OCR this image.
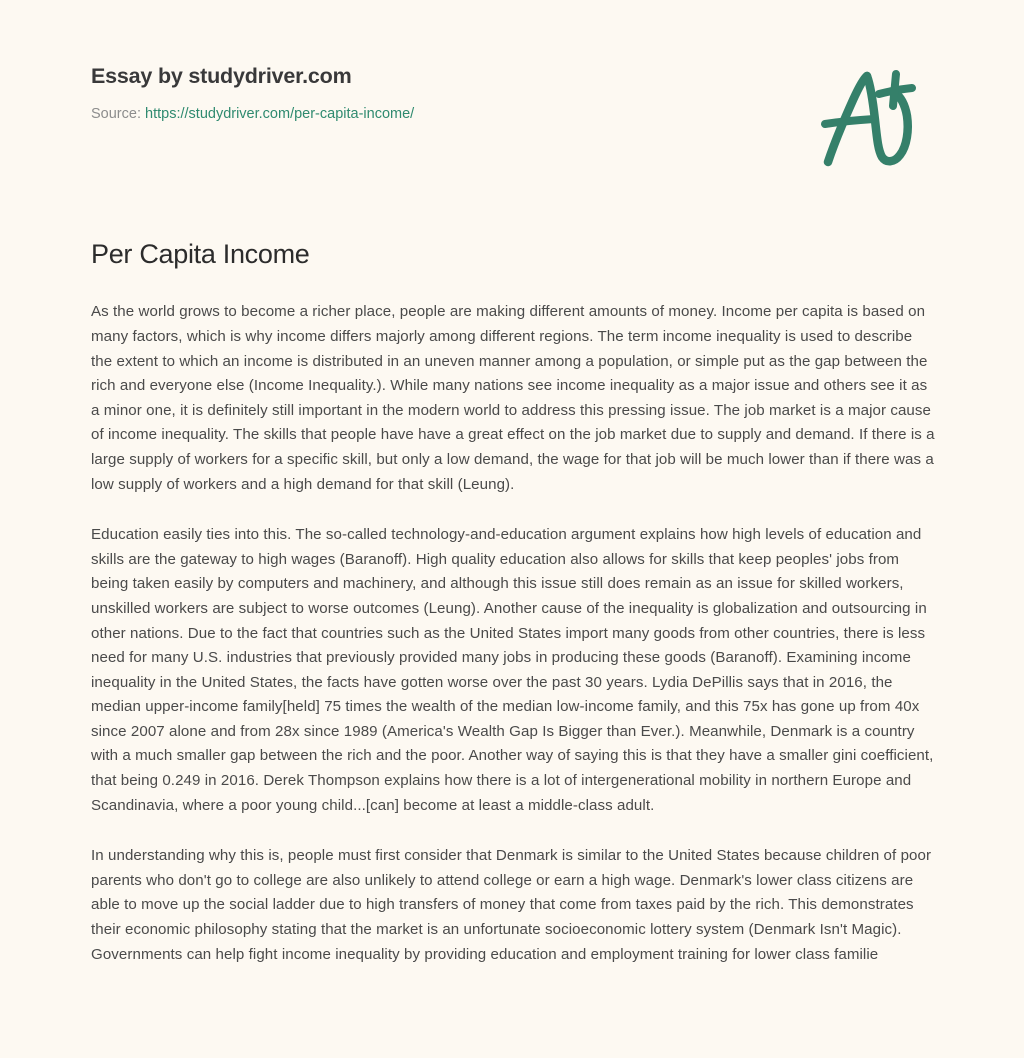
Essay by studydriver.com
Source: https://studydriver.com/per-capita-income/
Per Capita Income

As the world grows to become a richer place, people are making different amounts of money. Income per capita is based on many factors, which is why income differs majorly among different regions. The term income inequality is used to describe the extent to which an income is distributed in an uneven manner among a population, or simple put as the gap between the rich and everyone else (Income Inequality.). While many nations see income inequality as a major issue and others see it as a minor one, it is definitely still important in the modern world to address this pressing issue. The job market is a major cause of income inequality. The skills that people have have a great effect on the job market due to supply and demand. If there is a large supply of workers for a specific skill, but only a low demand, the wage for that job will be much lower than if there was a low supply of workers and a high demand for that skill (Leung).

Education easily ties into this. The so-called technology-and-education argument explains how high levels of education and skills are the gateway to high wages (Baranoff). High quality education also allows for skills that keep peoples' jobs from being taken easily by computers and machinery, and although this issue still does remain as an issue for skilled workers, unskilled workers are subject to worse outcomes (Leung). Another cause of the inequality is globalization and outsourcing in other nations. Due to the fact that countries such as the United States import many goods from other countries, there is less need for many U.S. industries that previously provided many jobs in producing these goods (Baranoff). Examining income inequality in the United States, the facts have gotten worse over the past 30 years. Lydia DePillis says that in 2016, the median upper-income family[held] 75 times the wealth of the median low-income family, and this 75x has gone up from 40x since 2007 alone and from 28x since 1989 (America's Wealth Gap Is Bigger than Ever.). Meanwhile, Denmark is a country with a much smaller gap between the rich and the poor. Another way of saying this is that they have a smaller gini coefficient, that being 0.249 in 2016. Derek Thompson explains how there is a lot of intergenerational mobility in northern Europe and Scandinavia, where a poor young child...[can] become at least a middle-class adult.

In understanding why this is, people must first consider that Denmark is similar to the United States because children of poor parents who don't go to college are also unlikely to attend college or earn a high wage. Denmark's lower class citizens are able to move up the social ladder due to high transfers of money that come from taxes paid by the rich. This demonstrates their economic philosophy stating that the market is an unfortunate socioeconomic lottery system (Denmark Isn't Magic). Governments can help fight income inequality by providing education and employment training for lower class familie
